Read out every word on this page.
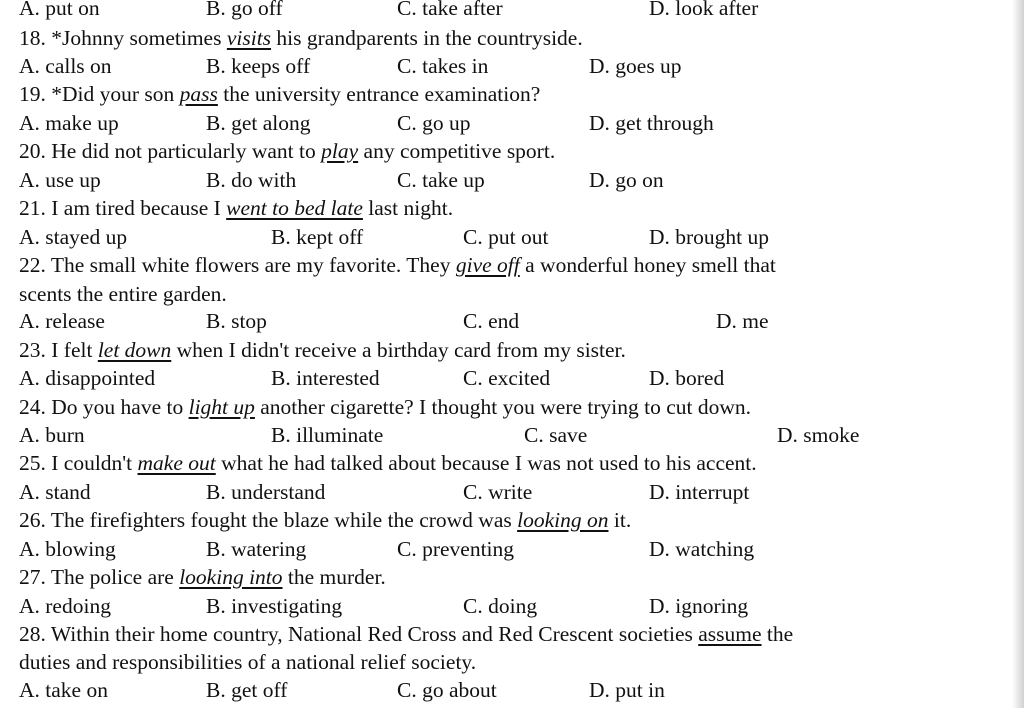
A. put on	B. go off	C. take after	D. look after
18. *Johnny sometimes visits his grandparents in the countryside.
A. calls on	B. keeps off	C. takes in	D. goes up
19. *Did your son pass the university entrance examination?
A. make up	B. get along	C. go up	D. get through
20. He did not particularly want to play any competitive sport.
A. use up	B. do with	C. take up	D. go on
21. I am tired because I went to bed late last night.
A. stayed up	B. kept off	C. put out	D. brought up
22. The small white flowers are my favorite. They give off a wonderful honey smell that
scents the entire garden.
A. release	B. stop	C. end	D. me
23. I felt let down when I didn't receive a birthday card from my sister.
A. disappointed	B. interested	C. excited	D. bored
24. Do you have to light up another cigarette? I thought you were trying to cut down.
A. burn	B. illuminate	C. save	D. smoke
25. I couldn't make out what he had talked about because I was not used to his accent.
A. stand	B. understand	C. write	D. interrupt
26. The firefighters fought the blaze while the crowd was looking on it.
A. blowing	B. watering	C. preventing	D. watching
27. The police are looking into the murder.
A. redoing	B. investigating	C. doing	D. ignoring
28. Within their home country, National Red Cross and Red Crescent societies assume the
duties and responsibilities of a national relief society.
A. take on	B. get off	C. go about	D. put in
